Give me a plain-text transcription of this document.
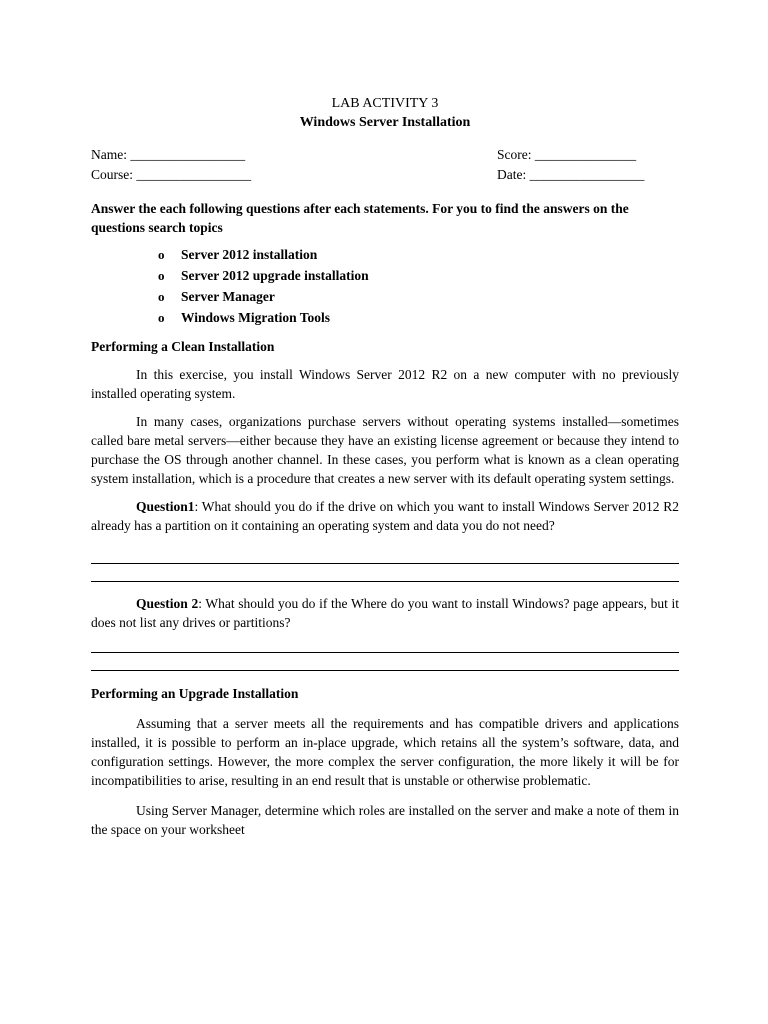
LAB ACTIVITY 3
Windows Server Installation
Name: _________________	Score: _______________
Course: _________________	Date: _________________
Answer the each following questions after each statements. For you to find the answers on the questions search topics
o	Server 2012 installation
o	Server 2012 upgrade installation
o	Server Manager
o	Windows Migration Tools
Performing a Clean Installation

In this exercise, you install Windows Server 2012 R2 on a new computer with no previously installed operating system.

In many cases, organizations purchase servers without operating systems installed—sometimes called bare metal servers—either because they have an existing license agreement or because they intend to purchase the OS through another channel. In these cases, you perform what is known as a clean operating system installation, which is a procedure that creates a new server with its default operating system settings.

Question1: What should you do if the drive on which you want to install Windows Server 2012 R2 already has a partition on it containing an operating system and data you do not need?

Question 2: What should you do if the Where do you want to install Windows? page appears, but it does not list any drives or partitions?

Performing an Upgrade Installation

Assuming that a server meets all the requirements and has compatible drivers and applications installed, it is possible to perform an in-place upgrade, which retains all the system’s software, data, and configuration settings. However, the more complex the server configuration, the more likely it will be for incompatibilities to arise, resulting in an end result that is unstable or otherwise problematic.

Using Server Manager, determine which roles are installed on the server and make a note of them in the space on your worksheet
